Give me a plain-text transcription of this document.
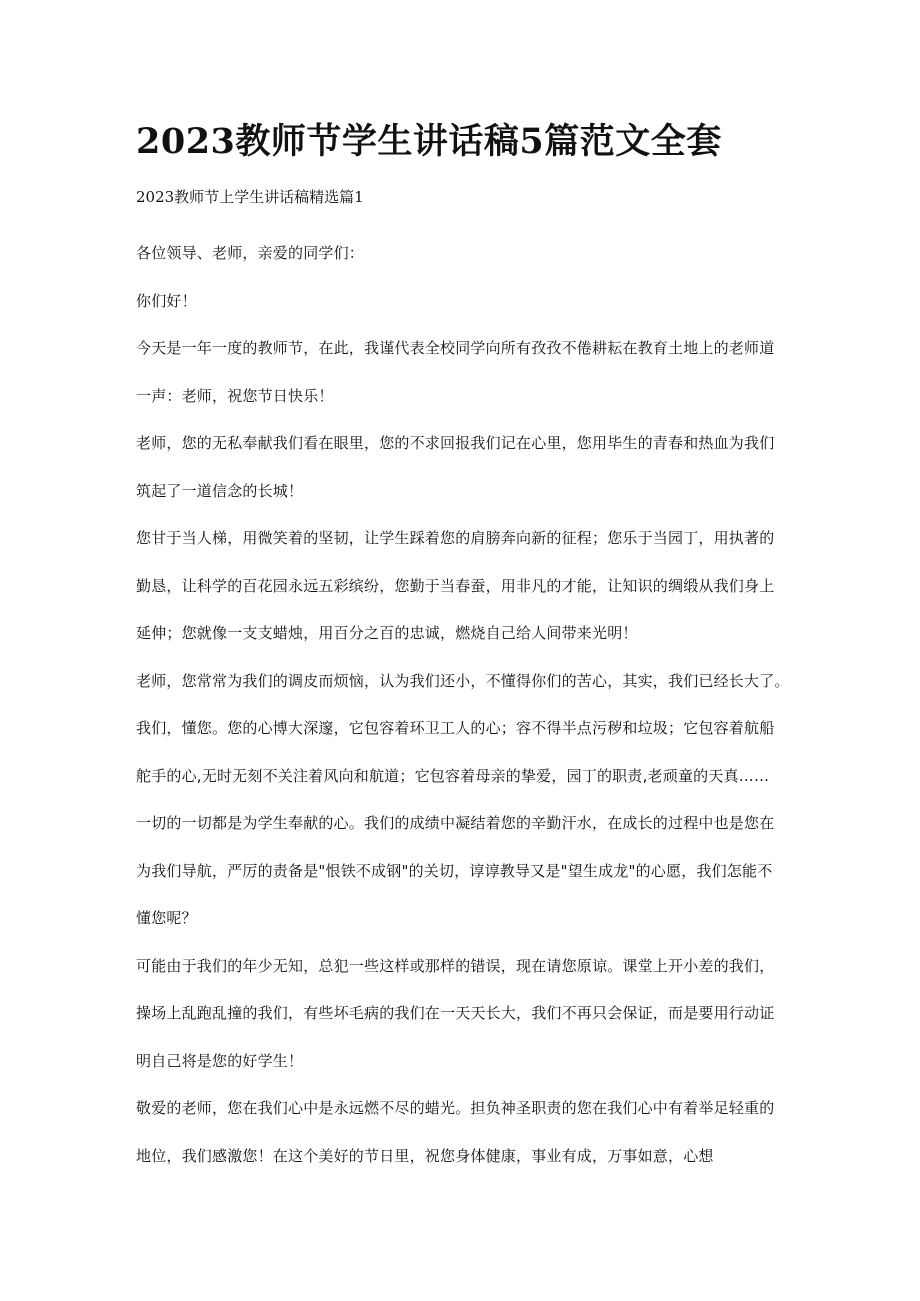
2023教师节学生讲话稿5篇范文全套
2023教师节上学生讲话稿精选篇1

各位领导、老师，亲爱的同学们：
你们好！
今天是一年一度的教师节，在此，我谨代表全校同学向所有孜孜不倦耕耘在教育土地上的老师道
一声：老师，祝您节日快乐！
老师，您的无私奉献我们看在眼里，您的不求回报我们记在心里，您用毕生的青春和热血为我们
筑起了一道信念的长城！
您甘于当人梯，用微笑着的坚韧，让学生踩着您的肩膀奔向新的征程；您乐于当园丁，用执著的
勤恳，让科学的百花园永远五彩缤纷，您勤于当春蚕，用非凡的才能，让知识的绸缎从我们身上
延伸；您就像一支支蜡烛，用百分之百的忠诚，燃烧自己给人间带来光明！
老师，您常常为我们的调皮而烦恼，认为我们还小，不懂得你们的苦心，其实，我们已经长大了。
我们，懂您。您的心博大深邃，它包容着环卫工人的心；容不得半点污秽和垃圾；它包容着航船
舵手的心,无时无刻不关注着风向和航道；它包容着母亲的挚爱，园丁的职责,老顽童的天真……
一切的一切都是为学生奉献的心。我们的成绩中凝结着您的辛勤汗水，在成长的过程中也是您在
为我们导航，严厉的责备是"恨铁不成钢"的关切，谆谆教导又是"望生成龙"的心愿，我们怎能不
懂您呢？
可能由于我们的年少无知，总犯一些这样或那样的错误，现在请您原谅。课堂上开小差的我们，
操场上乱跑乱撞的我们，有些坏毛病的我们在一天天长大，我们不再只会保证，而是要用行动证
明自己将是您的好学生！
敬爱的老师，您在我们心中是永远燃不尽的蜡光。担负神圣职责的您在我们心中有着举足轻重的
地位，我们感激您！在这个美好的节日里，祝您身体健康，事业有成，万事如意，心想
